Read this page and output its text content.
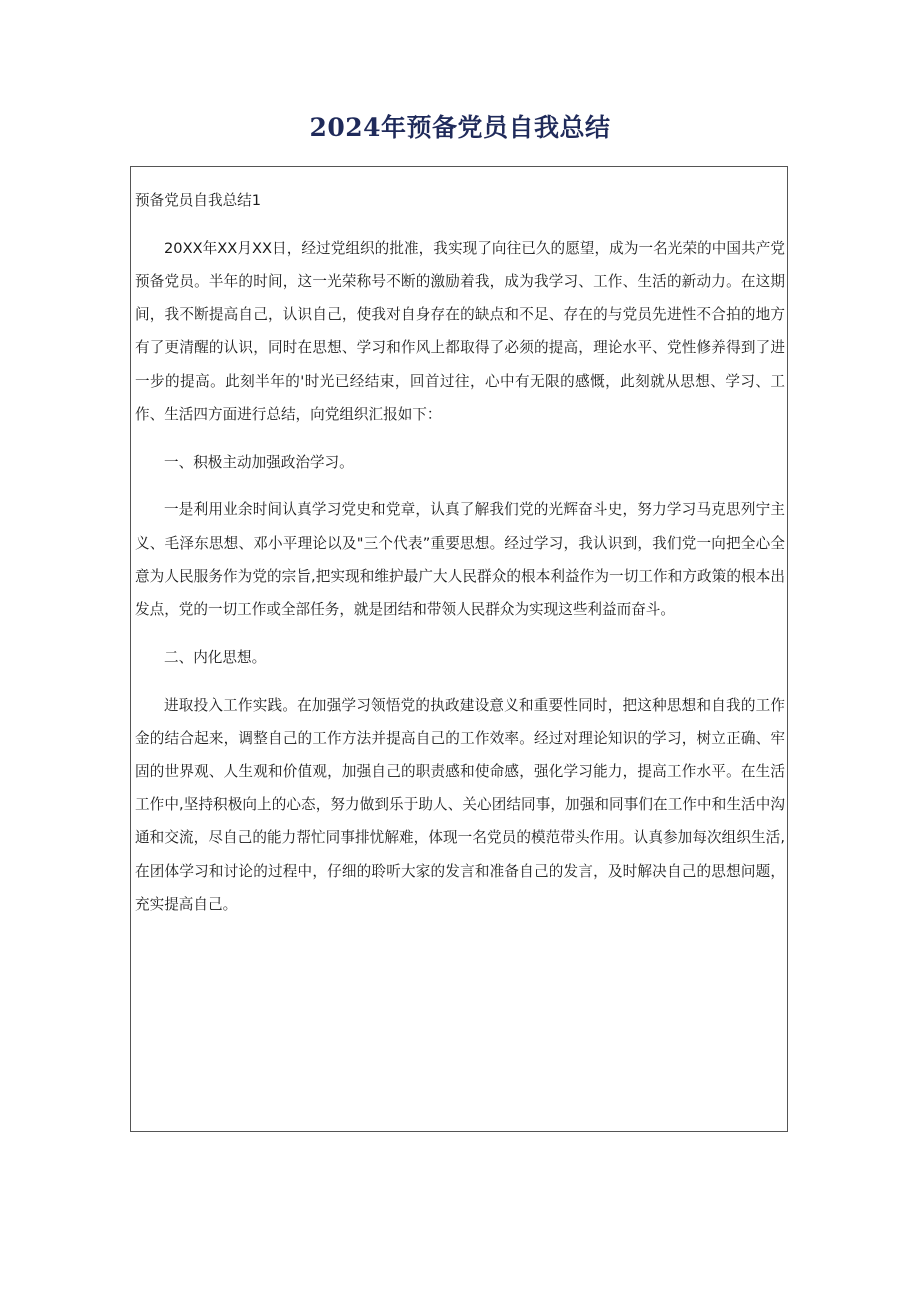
2024年预备党员自我总结

预备党员自我总结1

20XX年XX月XX日，经过党组织的批准，我实现了向往已久的愿望，成为一名光荣的中国共产党预备党员。半年的时间，这一光荣称号不断的激励着我，成为我学习、工作、生活的新动力。在这期间，我不断提高自己，认识自己，使我对自身存在的缺点和不足、存在的与党员先进性不合拍的地方有了更清醒的认识，同时在思想、学习和作风上都取得了必须的提高，理论水平、党性修养得到了进一步的提高。此刻半年的'时光已经结束，回首过往，心中有无限的感慨，此刻就从思想、学习、工作、生活四方面进行总结，向党组织汇报如下：

一、积极主动加强政治学习。

一是利用业余时间认真学习党史和党章，认真了解我们党的光辉奋斗史，努力学习马克思列宁主义、毛泽东思想、邓小平理论以及"三个代表”重要思想。经过学习，我认识到，我们党一向把全心全意为人民服务作为党的宗旨,把实现和维护最广大人民群众的根本利益作为一切工作和方政策的根本出发点，党的一切工作或全部任务，就是团结和带领人民群众为实现这些利益而奋斗。

二、内化思想。

进取投入工作实践。在加强学习领悟党的执政建设意义和重要性同时，把这种思想和自我的工作金的结合起来，调整自己的工作方法并提高自己的工作效率。经过对理论知识的学习，树立正确、牢固的世界观、人生观和价值观，加强自己的职责感和使命感，强化学习能力，提高工作水平。在生活工作中,坚持积极向上的心态，努力做到乐于助人、关心团结同事，加强和同事们在工作中和生活中沟通和交流，尽自己的能力帮忙同事排忧解难，体现一名党员的模范带头作用。认真参加每次组织生活,在团体学习和讨论的过程中，仔细的聆听大家的发言和准备自己的发言，及时解决自己的思想问题，充实提高自己。
